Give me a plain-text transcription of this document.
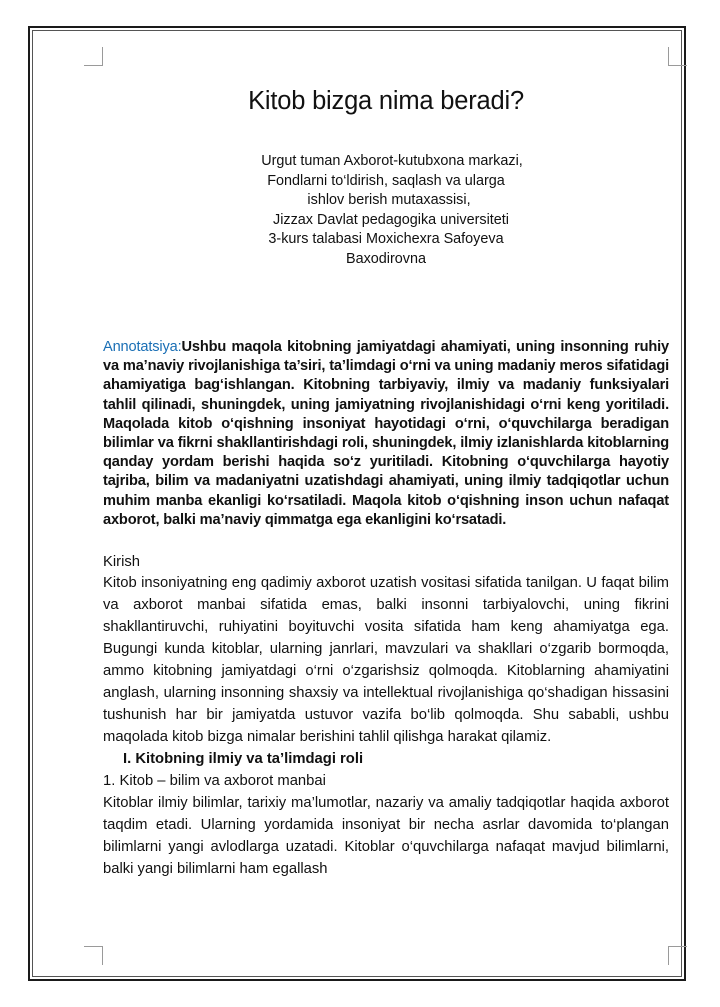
Kitob bizga nima beradi?
Urgut tuman Axborot-kutubxona markazi,
Fondlarni to‘ldirish, saqlash va ularga
ishlov berish mutaxassisi,
Jizzax Davlat pedagogika universiteti
3-kurs talabasi Moxichexra Safoyeva
Baxodirovna

Annotatsiya:Ushbu maqola kitobning jamiyatdagi ahamiyati, uning insonning ruhiy va ma’naviy rivojlanishiga ta’siri, ta’limdagi o‘rni va uning madaniy meros sifatidagi ahamiyatiga bag‘ishlangan. Kitobning tarbiyaviy, ilmiy va madaniy funksiyalari tahlil qilinadi, shuningdek, uning jamiyatning rivojlanishidagi o‘rni keng yoritiladi. Maqolada kitob o‘qishning insoniyat hayotidagi o‘rni, o‘quvchilarga beradigan bilimlar va fikrni shakllantirishdagi roli, shuningdek, ilmiy izlanishlarda kitoblarning qanday yordam berishi haqida so‘z yuritiladi. Kitobning o‘quvchilarga hayotiy tajriba, bilim va madaniyatni uzatishdagi ahamiyati, uning ilmiy tadqiqotlar uchun muhim manba ekanligi ko‘rsatiladi. Maqola kitob o‘qishning inson uchun nafaqat axborot, balki ma’naviy qimmatga ega ekanligini ko‘rsatadi.

Kirish

Kitob insoniyatning eng qadimiy axborot uzatish vositasi sifatida tanilgan. U faqat bilim va axborot manbai sifatida emas, balki insonni tarbiyalovchi, uning fikrini shakllantiruvchi, ruhiyatini boyituvchi vosita sifatida ham keng ahamiyatga ega. Bugungi kunda kitoblar, ularning janrlari, mavzulari va shakllari o‘zgarib bormoqda, ammo kitobning jamiyatdagi o‘rni o‘zgarishsiz qolmoqda. Kitoblarning ahamiyatini anglash, ularning insonning shaxsiy va intellektual rivojlanishiga qo‘shadigan hissasini tushunish har bir jamiyatda ustuvor vazifa bo‘lib qolmoqda. Shu sababli, ushbu maqolada kitob bizga nimalar berishini tahlil qilishga harakat qilamiz.

I. Kitobning ilmiy va ta’limdagi roli
1. Kitob – bilim va axborot manbai

Kitoblar ilmiy bilimlar, tarixiy ma’lumotlar, nazariy va amaliy tadqiqotlar haqida axborot taqdim etadi. Ularning yordamida insoniyat bir necha asrlar davomida to‘plangan bilimlarni yangi avlodlarga uzatadi. Kitoblar o‘quvchilarga nafaqat mavjud bilimlarni, balki yangi bilimlarni ham egallash
